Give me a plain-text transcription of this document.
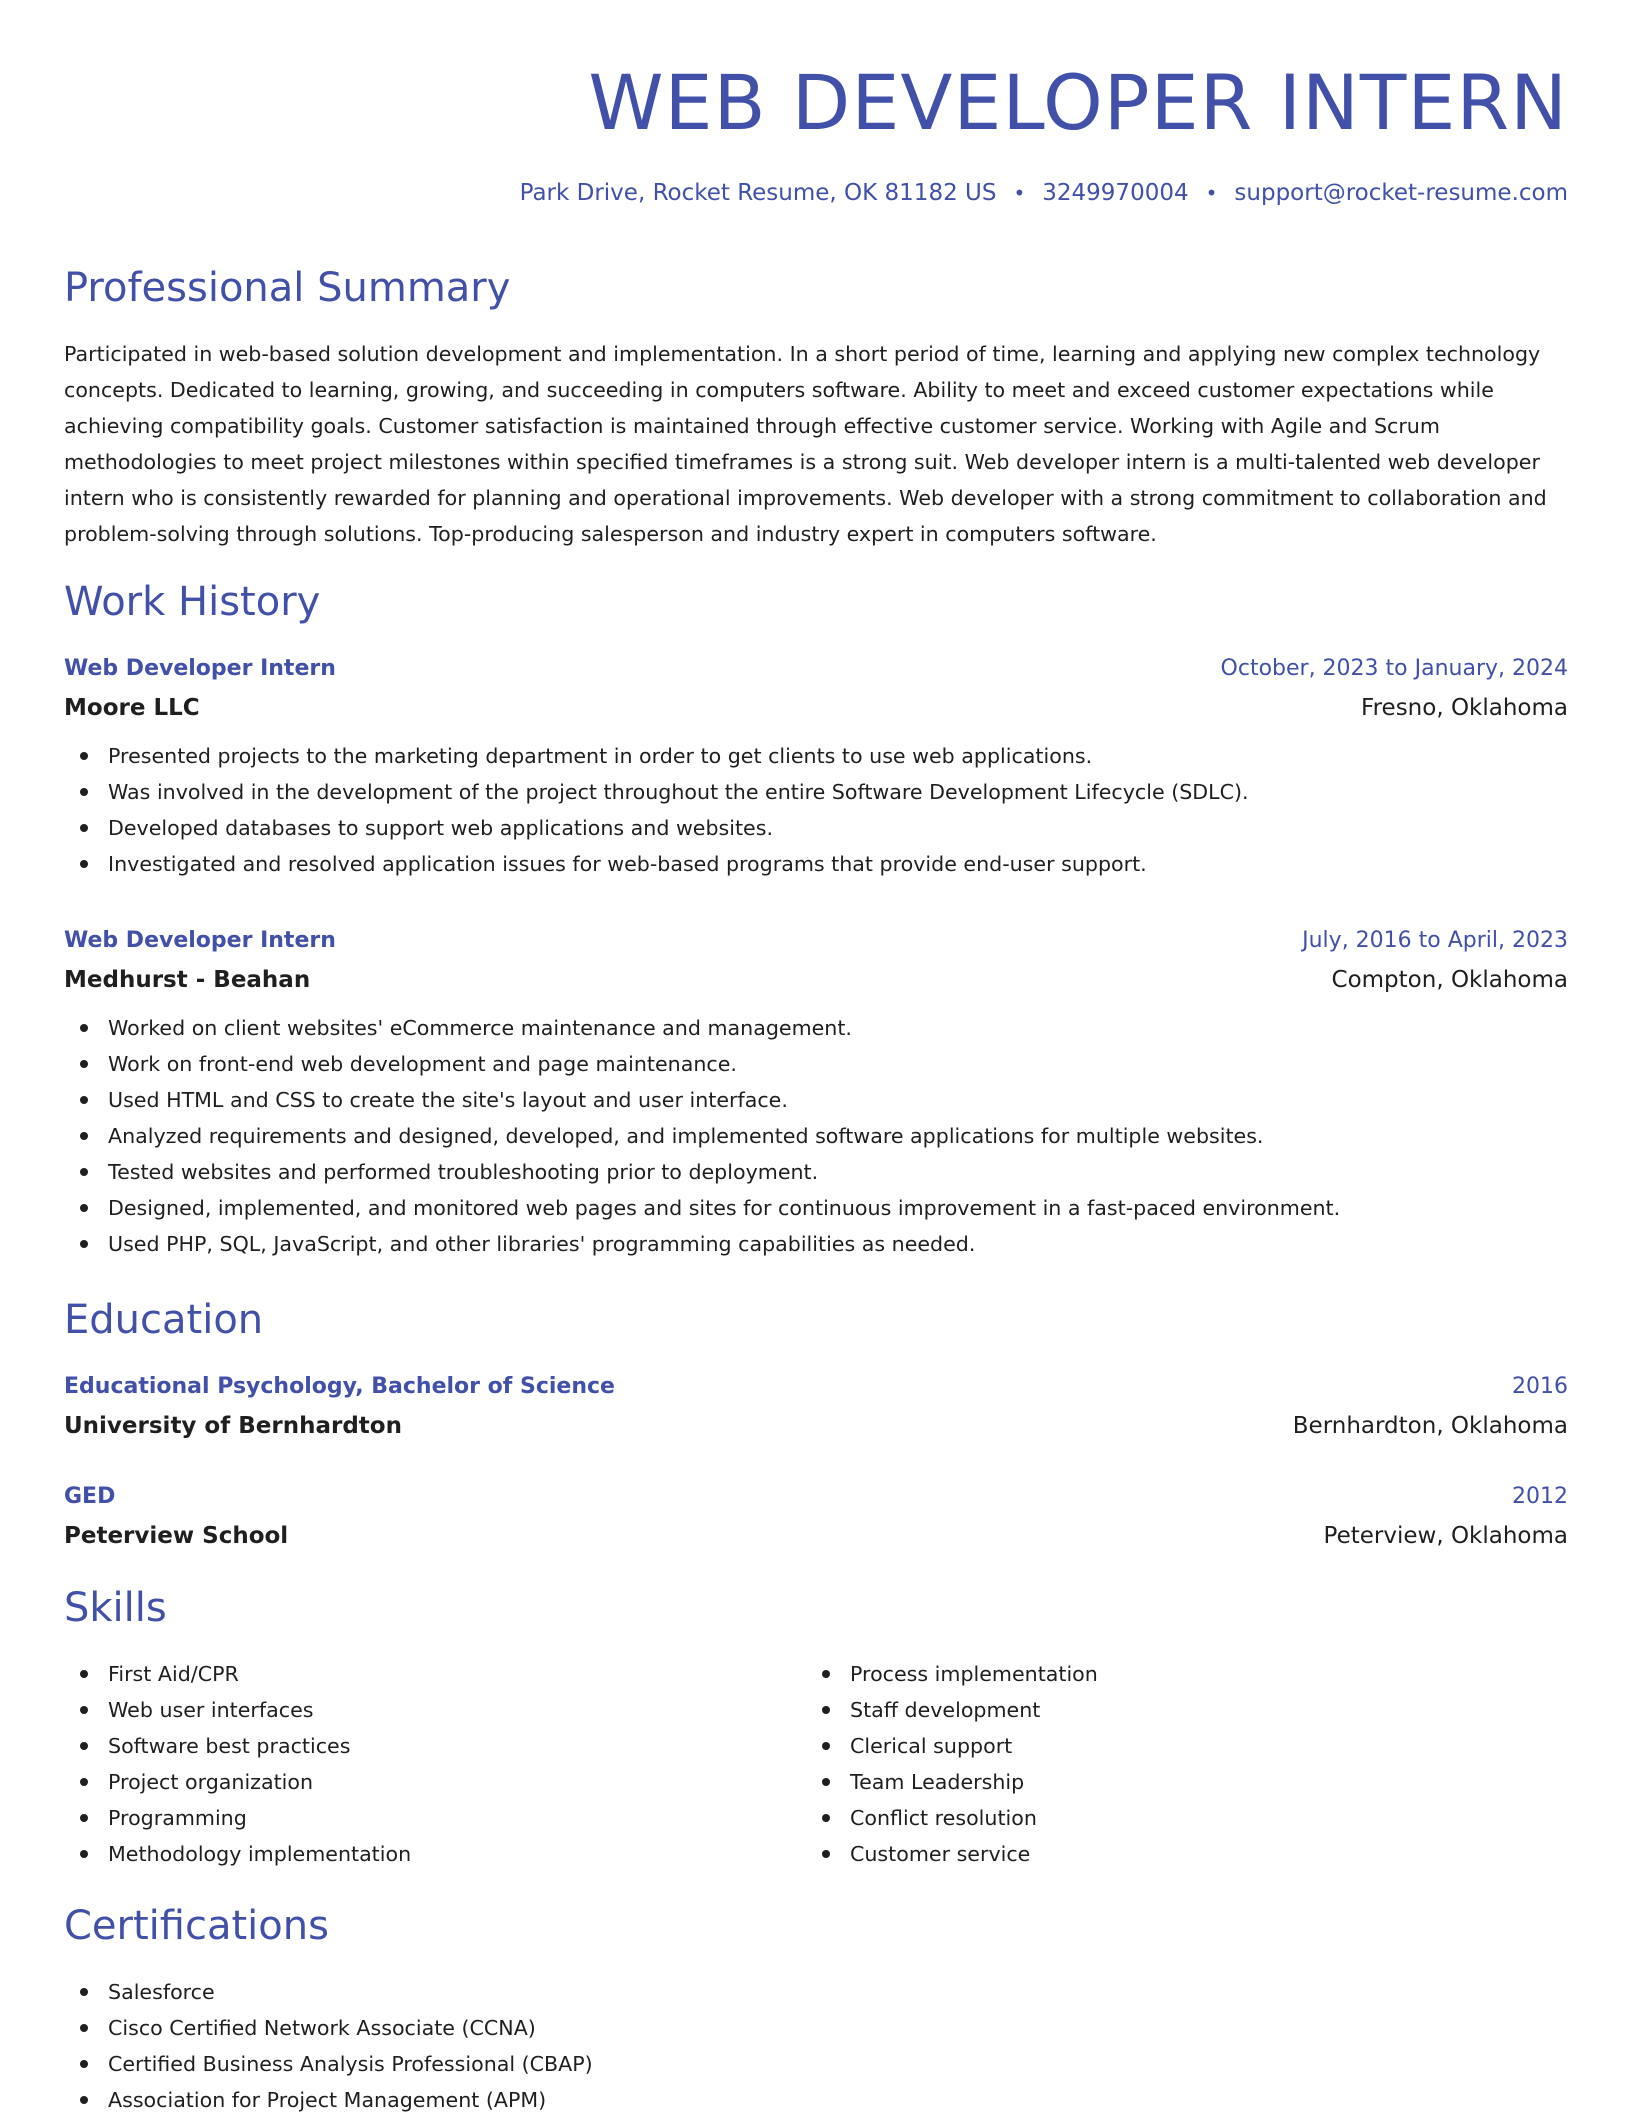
WEB DEVELOPER INTERN
Park Drive, Rocket Resume, OK 81182 US • 3249970004 • support@rocket-resume.com
Professional Summary

Participated in web-based solution development and implementation. In a short period of time, learning and applying new complex technology concepts. Dedicated to learning, growing, and succeeding in computers software. Ability to meet and exceed customer expectations while achieving compatibility goals. Customer satisfaction is maintained through effective customer service. Working with Agile and Scrum methodologies to meet project milestones within specified timeframes is a strong suit. Web developer intern is a multi-talented web developer intern who is consistently rewarded for planning and operational improvements. Web developer with a strong commitment to collaboration and problem-solving through solutions. Top-producing salesperson and industry expert in computers software.

Work History
Web Developer Intern	October, 2023 to January, 2024
Moore LLC	Fresno, Oklahoma
Presented projects to the marketing department in order to get clients to use web applications.
Was involved in the development of the project throughout the entire Software Development Lifecycle (SDLC).
Developed databases to support web applications and websites.
Investigated and resolved application issues for web-based programs that provide end-user support.
Web Developer Intern	July, 2016 to April, 2023
Medhurst - Beahan	Compton, Oklahoma
Worked on client websites' eCommerce maintenance and management.
Work on front-end web development and page maintenance.
Used HTML and CSS to create the site's layout and user interface.
Analyzed requirements and designed, developed, and implemented software applications for multiple websites.
Tested websites and performed troubleshooting prior to deployment.
Designed, implemented, and monitored web pages and sites for continuous improvement in a fast-paced environment.
Used PHP, SQL, JavaScript, and other libraries' programming capabilities as needed.
Education
Educational Psychology, Bachelor of Science	2016
University of Bernhardton	Bernhardton, Oklahoma
GED	2012
Peterview School	Peterview, Oklahoma
Skills
First Aid/CPR
Web user interfaces
Software best practices
Project organization
Programming
Methodology implementation
Process implementation
Staff development
Clerical support
Team Leadership
Conflict resolution
Customer service
Certifications
Salesforce
Cisco Certified Network Associate (CCNA)
Certified Business Analysis Professional (CBAP)
Association for Project Management (APM)
